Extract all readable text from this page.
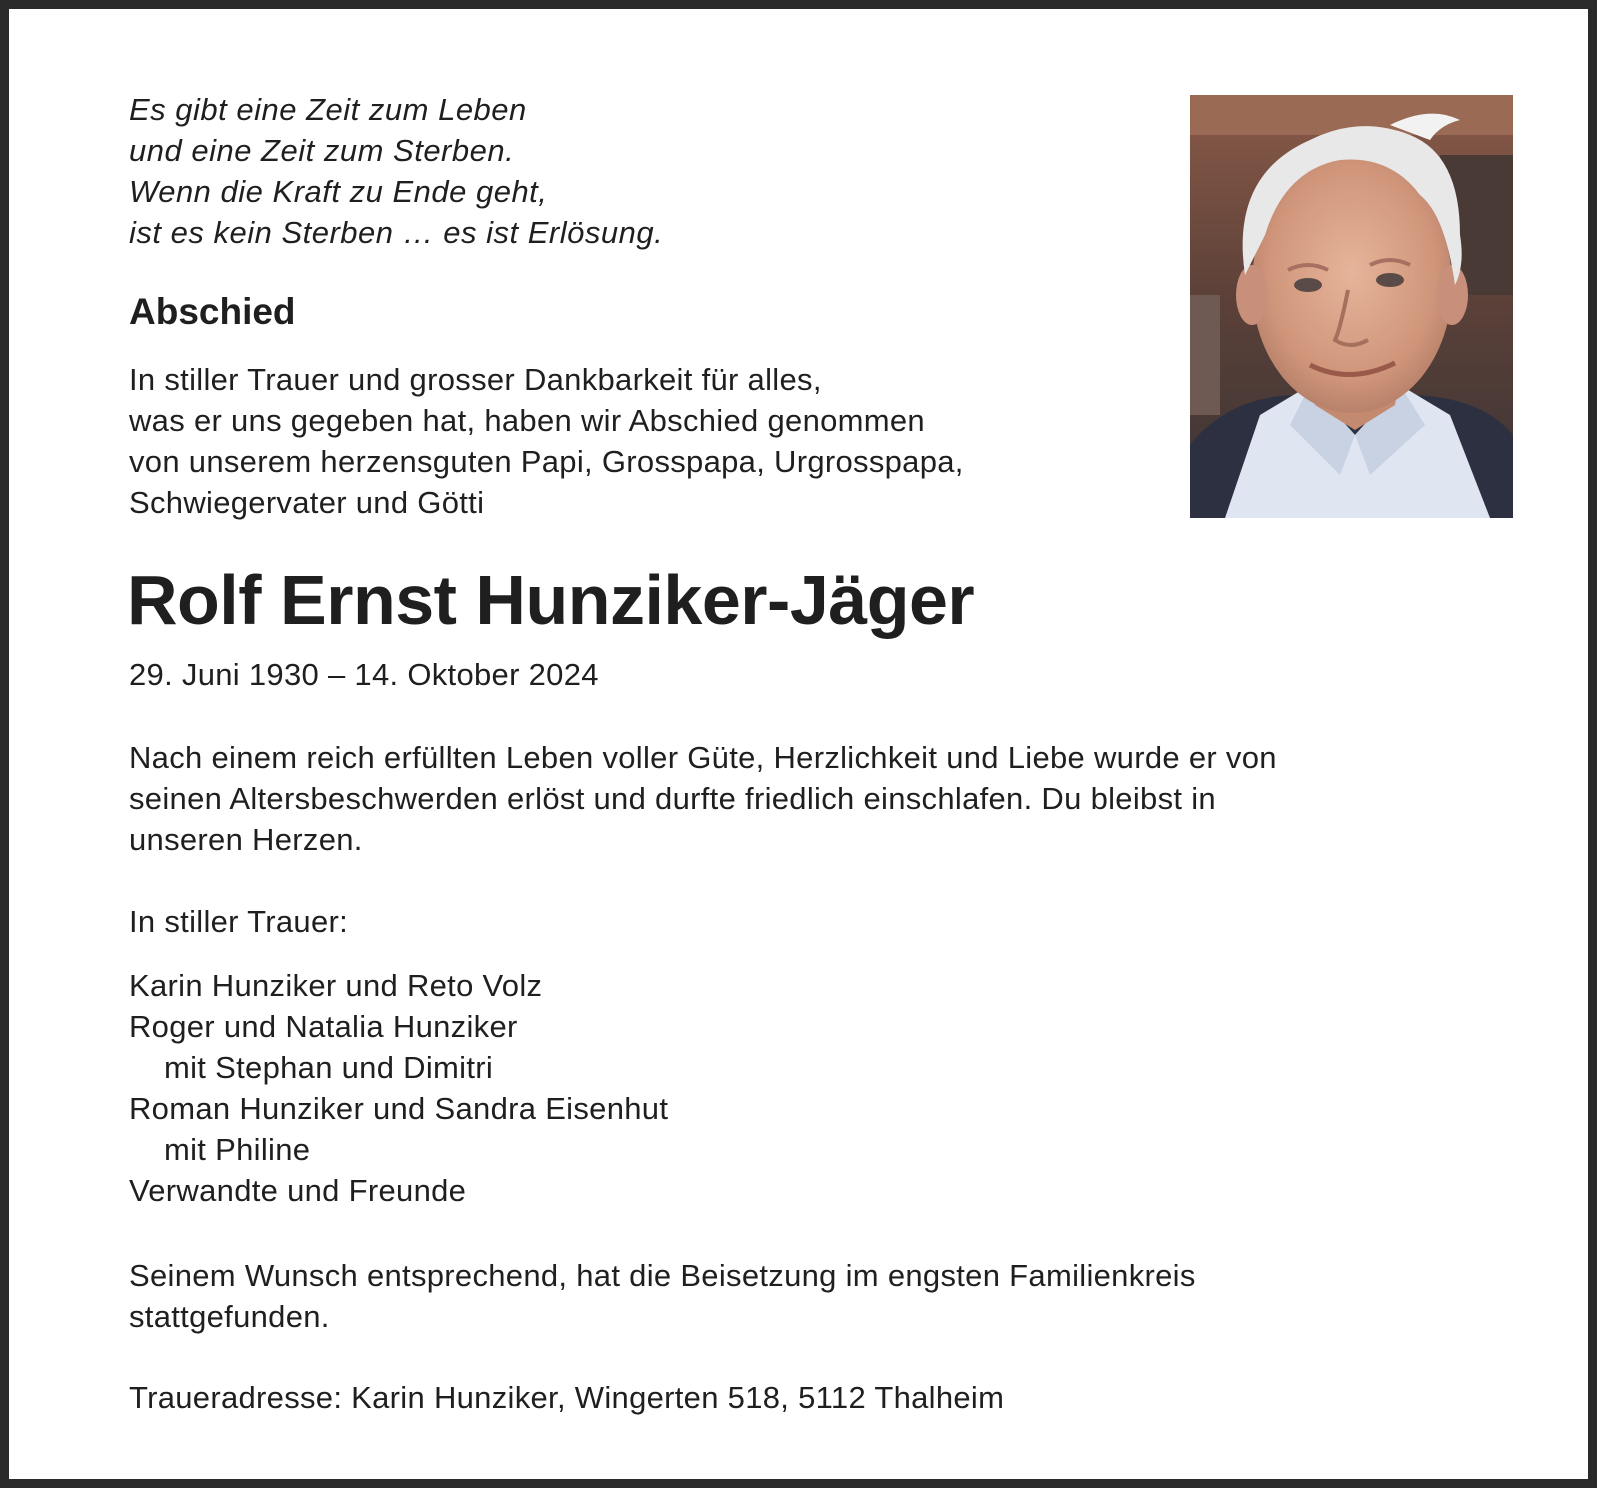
Es gibt eine Zeit zum Leben
und eine Zeit zum Sterben.
Wenn die Kraft zu Ende geht,
ist es kein Sterben … es ist Erlösung.
Abschied
In stiller Trauer und grosser Dankbarkeit für alles,
was er uns gegeben hat, haben wir Abschied genommen
von unserem herzensguten Papi, Grosspapa, Urgrosspapa,
Schwiegervater und Götti
Rolf Ernst Hunziker-Jäger
29. Juni 1930 – 14. Oktober 2024
Nach einem reich erfüllten Leben voller Güte, Herzlichkeit und Liebe wurde er von
seinen Altersbeschwerden erlöst und durfte friedlich einschlafen. Du bleibst in
unseren Herzen.
In stiller Trauer:
Karin Hunziker und Reto Volz
Roger und Natalia Hunziker
mit Stephan und Dimitri
Roman Hunziker und Sandra Eisenhut
mit Philine
Verwandte und Freunde
Seinem Wunsch entsprechend, hat die Beisetzung im engsten Familienkreis
stattgefunden.
Traueradresse: Karin Hunziker, Wingerten 518, 5112 Thalheim
